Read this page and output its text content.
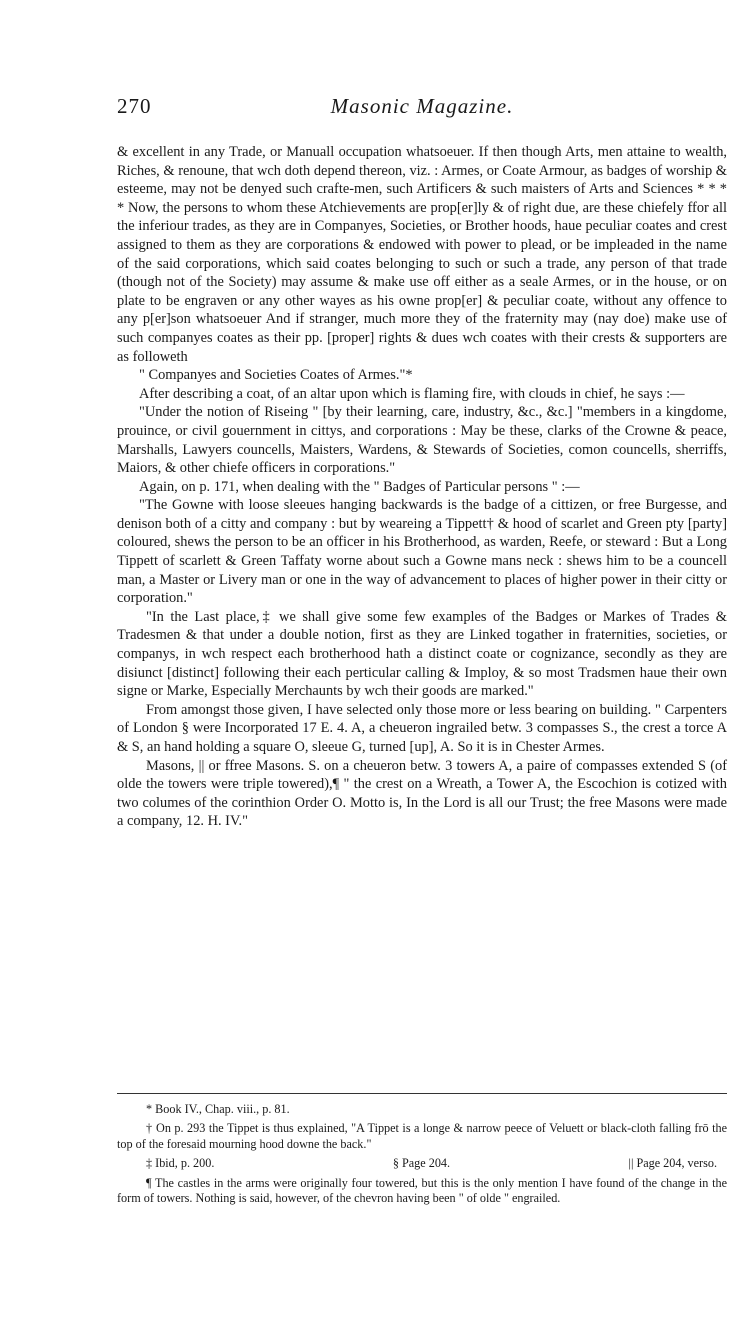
270	Masonic Magazine.

& excellent in any Trade, or Manuall occupation whatsoeuer. If then though Arts, men attaine to wealth, Riches, & renoune, that wch doth depend thereon, viz. : Armes, or Coate Armour, as badges of worship & esteeme, may not be denyed such crafte-men, such Artificers & such maisters of Arts and Sciences * * * * Now, the persons to whom these Atchievements are prop[er]ly & of right due, are these chiefely ffor all the inferiour trades, as they are in Companyes, Societies, or Brother hoods, haue peculiar coates and crest assigned to them as they are corporations & endowed with power to plead, or be impleaded in the name of the said corporations, which said coates belonging to such or such a trade, any person of that trade (though not of the Society) may assume & make use off either as a seale Armes, or in the house, or on plate to be engraven or any other wayes as his owne prop[er] & peculiar coate, without any offence to any p[er]son whatsoeuer And if stranger, much more they of the fraternity may (nay doe) make use of such companyes coates as their pp. [proper] rights & dues wch coates with their crests & supporters are as followeth

" Companyes and Societies Coates of Armes."*

After describing a coat, of an altar upon which is flaming fire, with clouds in chief, he says :—

"Under the notion of Riseing " [by their learning, care, industry, &c., &c.] "members in a kingdome, prouince, or civil gouernment in cittys, and corporations : May be these, clarks of the Crowne & peace, Marshalls, Lawyers councells, Maisters, Wardens, & Stewards of Societies, comon councells, sherriffs, Maiors, & other chiefe officers in corporations."

Again, on p. 171, when dealing with the " Badges of Particular persons " :—

"The Gowne with loose sleeues hanging backwards is the badge of a cittizen, or free Burgesse, and denison both of a citty and company : but by weareing a Tippett† & hood of scarlet and Green pty [party] coloured, shews the person to be an officer in his Brotherhood, as warden, Reefe, or steward : But a Long Tippett of scarlett & Green Taffaty worne about such a Gowne mans neck : shews him to be a councell man, a Master or Livery man or one in the way of advancement to places of higher power in their citty or corporation."

"In the Last place,‡ we shall give some few examples of the Badges or Markes of Trades & Tradesmen & that under a double notion, first as they are Linked togather in fraternities, societies, or companys, in wch respect each brotherhood hath a distinct coate or cognizance, secondly as they are disiunct [distinct] following their each perticular calling & Imploy, & so most Tradsmen haue their own signe or Marke, Especially Merchaunts by wch their goods are marked."

From amongst those given, I have selected only those more or less bearing on building. " Carpenters of London § were Incorporated 17 E. 4. A, a cheueron ingrailed betw. 3 compasses S., the crest a torce A & S, an hand holding a square O, sleeue G, turned [up], A. So it is in Chester Armes.

Masons, || or ffree Masons. S. on a cheueron betw. 3 towers A, a paire of compasses extended S (of olde the towers were triple towered),¶ " the crest on a Wreath, a Tower A, the Escochion is cotized with two columes of the corinthion Order O. Motto is, In the Lord is all our Trust; the free Masons were made a company, 12. H. IV."

* Book IV., Chap. viii., p. 81.

† On p. 293 the Tippet is thus explained, "A Tippet is a longe & narrow peece of Veluett or black-cloth falling frō the top of the foresaid mourning hood downe the back."

‡ Ibid, p. 200.	§ Page 204.	|| Page 204, verso.

¶ The castles in the arms were originally four towered, but this is the only mention I have found of the change in the form of towers. Nothing is said, however, of the chevron having been " of olde " engrailed.
